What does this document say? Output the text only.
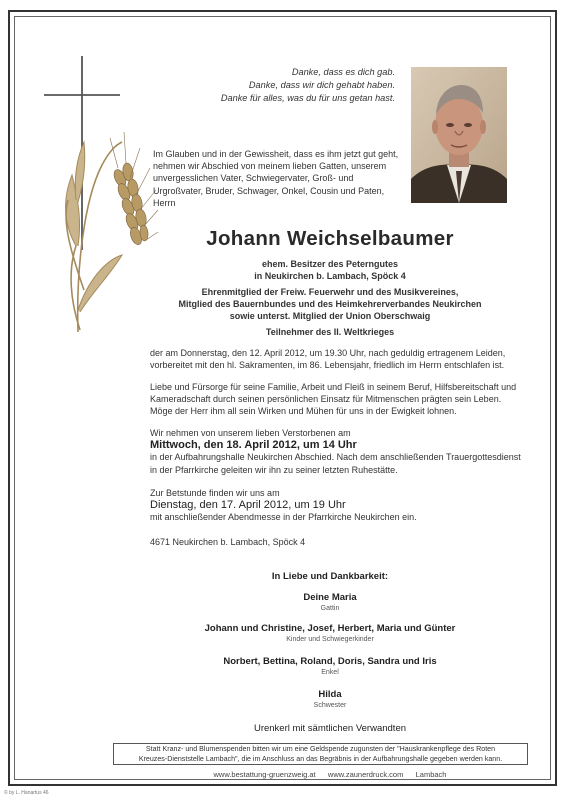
Danke, dass es dich gab.
Danke, dass wir dich gehabt haben.
Danke für alles, was du für uns getan hast.
Im Glauben und in der Gewissheit, dass es ihm jetzt gut geht, nehmen wir Abschied von meinem lieben Gatten, unserem unvergesslichen Vater, Schwiegervater, Groß- und Urgroßvater, Bruder, Schwager, Onkel, Cousin und Paten, Herrn
Johann Weichselbaumer
ehem. Besitzer des Peterngutes
in Neukirchen b. Lambach, Spöck 4
Ehrenmitglied der Freiw. Feuerwehr und des Musikvereines,
Mitglied des Bauernbundes und des Heimkehrerverbandes Neukirchen
sowie unterst. Mitglied der Union Oberschwaig
Teilnehmer des II. Weltkrieges
der am Donnerstag, den 12. April 2012, um 19.30 Uhr, nach geduldig ertragenem Leiden, vorbereitet mit den hl. Sakramenten, im 86. Lebensjahr, friedlich im Herrn entschlafen ist.
Liebe und Fürsorge für seine Familie, Arbeit und Fleiß in seinem Beruf, Hilfsbereitschaft und Kameradschaft durch seinen persönlichen Einsatz für Mitmenschen prägten sein Leben. Möge der Herr ihm all sein Wirken und Mühen für uns in der Ewigkeit lohnen.
Wir nehmen von unserem lieben Verstorbenen am
Mittwoch, den 18. April 2012, um 14 Uhr
in der Aufbahrungshalle Neukirchen Abschied. Nach dem anschließenden Trauergottesdienst in der Pfarrkirche geleiten wir ihn zu seiner letzten Ruhestätte.
Zur Betstunde finden wir uns am
Dienstag, den 17. April 2012, um 19 Uhr
mit anschließender Abendmesse in der Pfarrkirche Neukirchen ein.
4671 Neukirchen b. Lambach, Spöck 4
In Liebe und Dankbarkeit:
Deine Maria
Gattin
Johann und Christine, Josef, Herbert, Maria und Günter
Kinder und Schwiegerkinder
Norbert, Bettina, Roland, Doris, Sandra und Iris
Enkel
Hilda
Schwester
Urenkerl mit sämtlichen Verwandten
Statt Kranz- und Blumenspenden bitten wir um eine Geldspende zugunsten der "Hauskrankenpflege des Roten
Kreuzes-Dienststelle Lambach", die im Anschluss an das Begräbnis in der Aufbahrungshalle gegeben werden kann.
www.bestattung-gruenzweig.at www.zaunerdruck.com Lambach
© by L. Hanartus 46
